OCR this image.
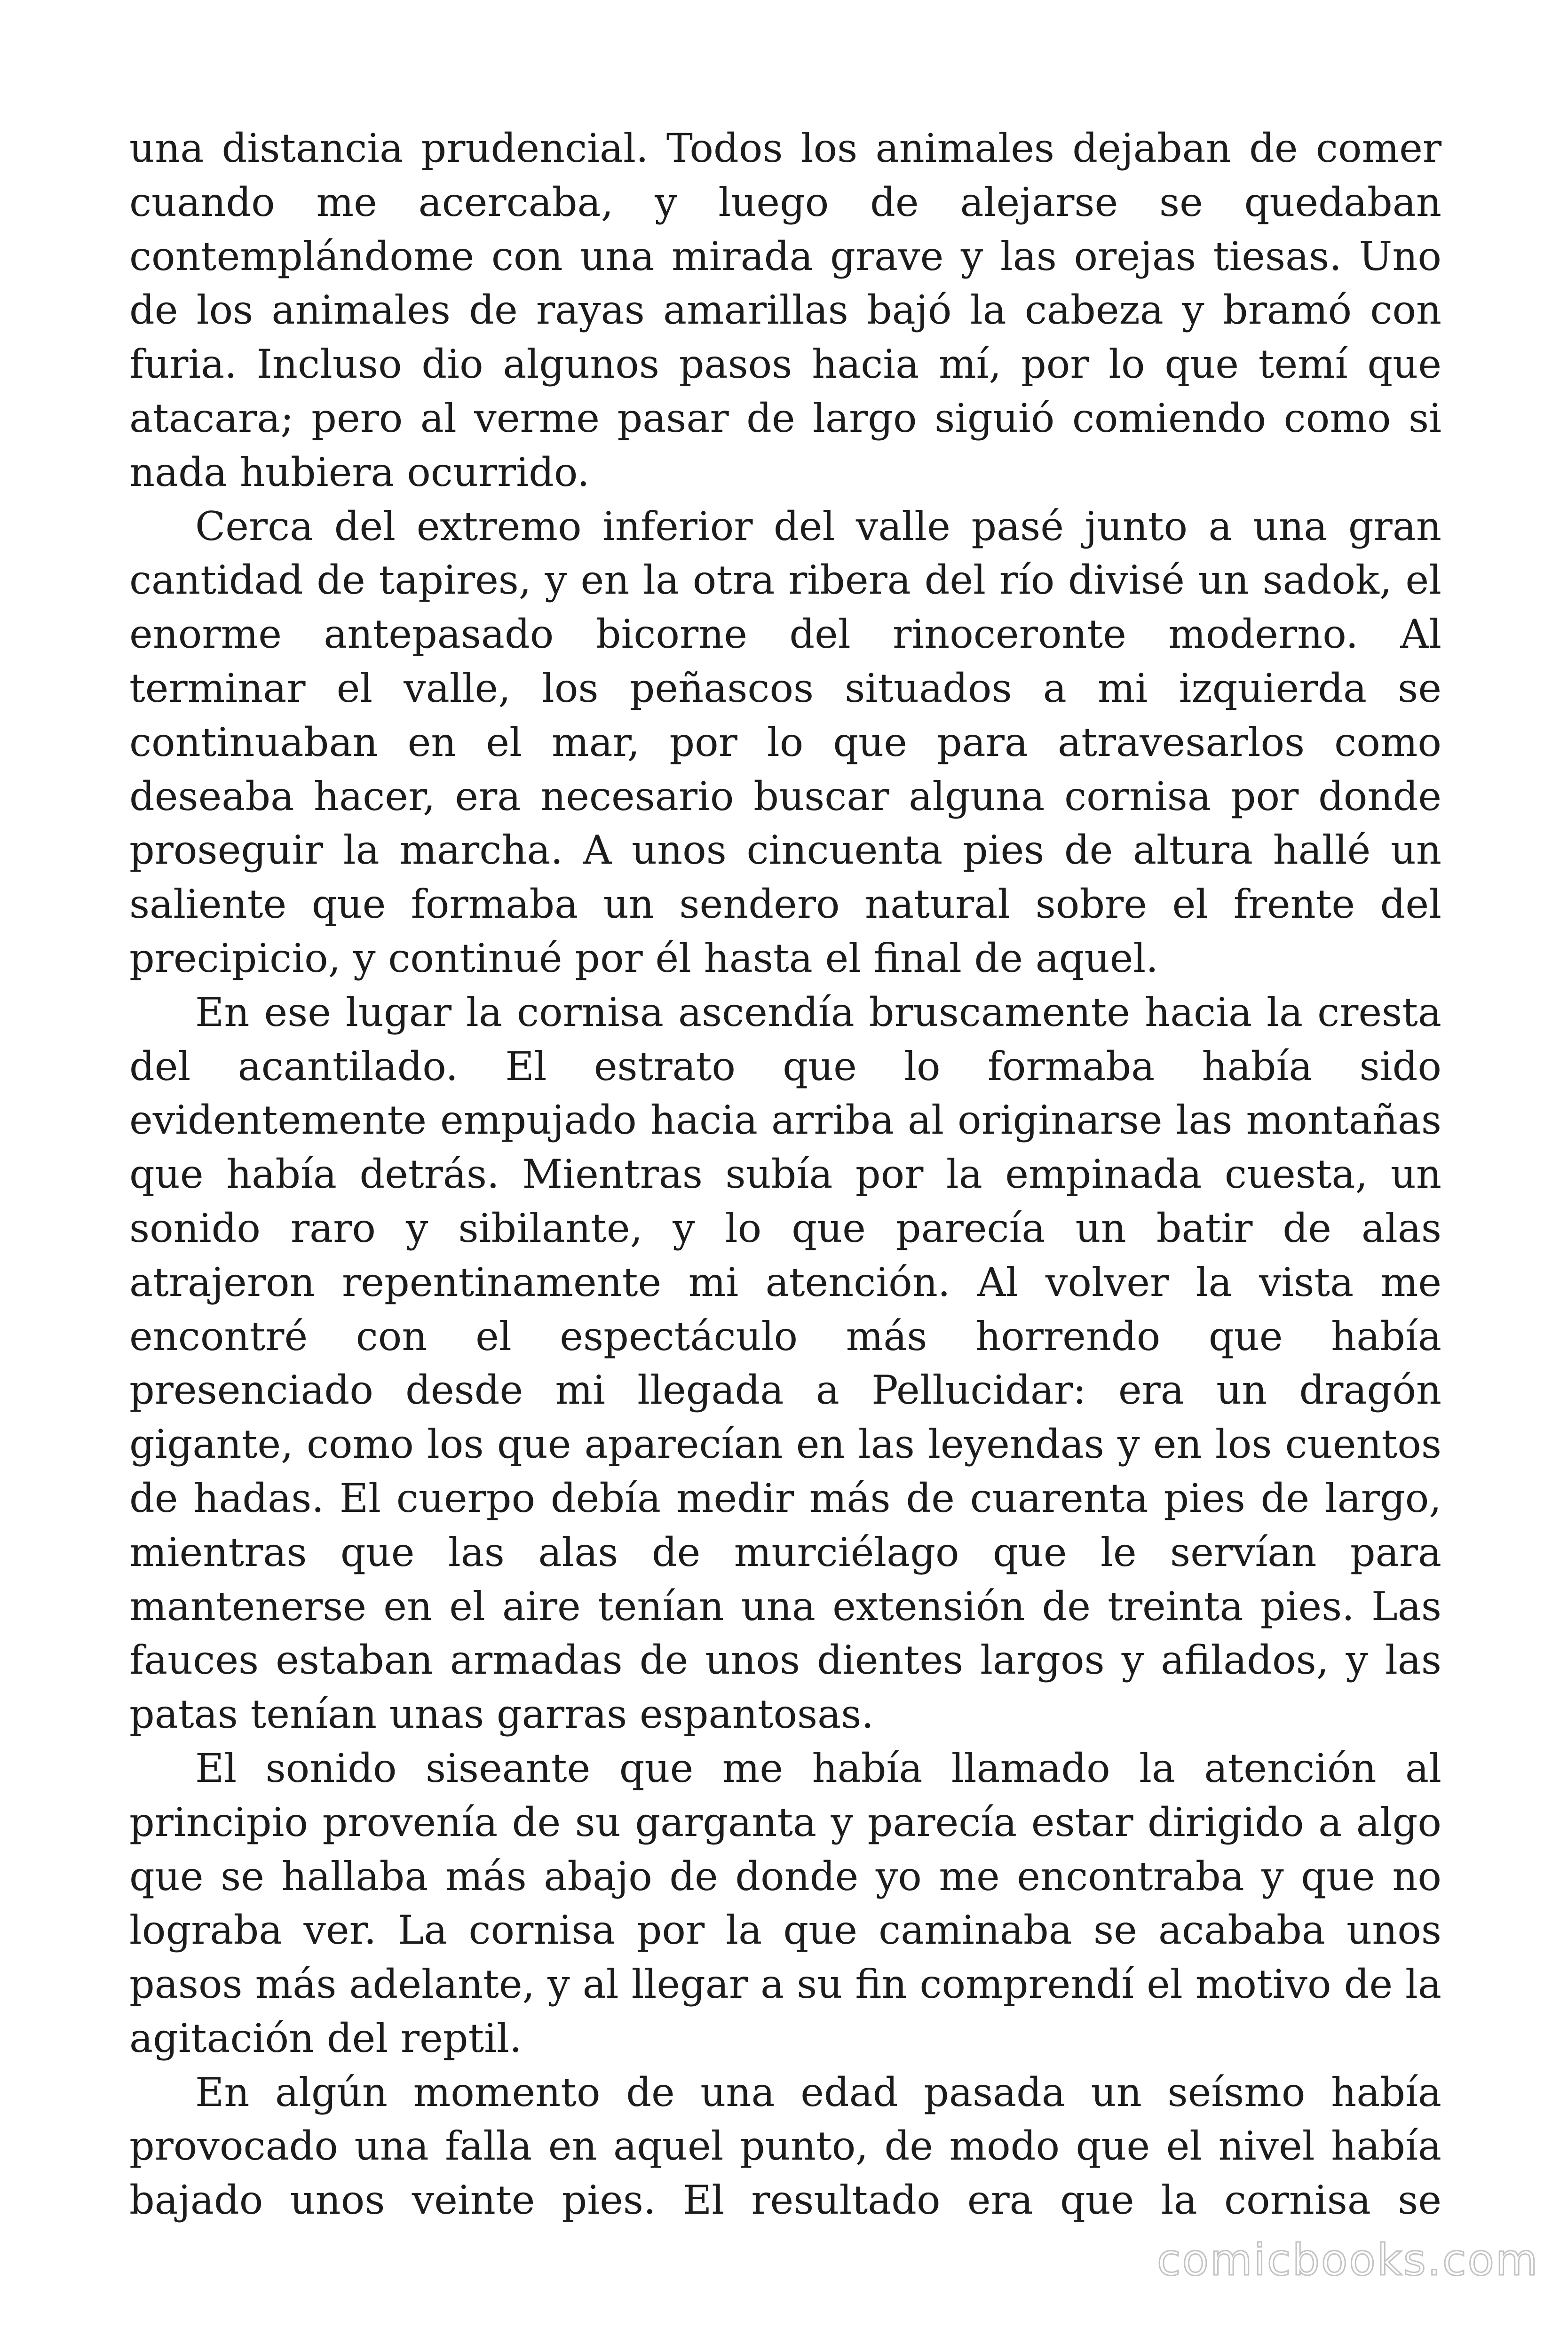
una distancia prudencial. Todos los animales dejaban de comer cuando me acercaba, y luego de alejarse se quedaban contemplándome con una mirada grave y las orejas tiesas. Uno de los animales de rayas amarillas bajó la cabeza y bramó con furia. Incluso dio algunos pasos hacia mí, por lo que temí que atacara; pero al verme pasar de largo siguió comiendo como si nada hubiera ocurrido.

Cerca del extremo inferior del valle pasé junto a una gran cantidad de tapires, y en la otra ribera del río divisé un sadok, el enorme antepasado bicorne del rinoceronte moderno. Al terminar el valle, los peñascos situados a mi izquierda se continuaban en el mar, por lo que para atravesarlos como deseaba hacer, era necesario buscar alguna cornisa por donde proseguir la marcha. A unos cincuenta pies de altura hallé un saliente que formaba un sendero natural sobre el frente del precipicio, y continué por él hasta el final de aquel.

En ese lugar la cornisa ascendía bruscamente hacia la cresta del acantilado. El estrato que lo formaba había sido evidentemente empujado hacia arriba al originarse las montañas que había detrás. Mientras subía por la empinada cuesta, un sonido raro y sibilante, y lo que parecía un batir de alas atrajeron repentinamente mi atención. Al volver la vista me encontré con el espectáculo más horrendo que había presenciado desde mi llegada a Pellucidar: era un dragón gigante, como los que aparecían en las leyendas y en los cuentos de hadas. El cuerpo debía medir más de cuarenta pies de largo, mientras que las alas de murciélago que le servían para mantenerse en el aire tenían una extensión de treinta pies. Las fauces estaban armadas de unos dientes largos y afilados, y las patas tenían unas garras espantosas.

El sonido siseante que me había llamado la atención al principio provenía de su garganta y parecía estar dirigido a algo que se hallaba más abajo de donde yo me encontraba y que no lograba ver. La cornisa por la que caminaba se acababa unos pasos más adelante, y al llegar a su fin comprendí el motivo de la agitación del reptil.

En algún momento de una edad pasada un seísmo había provocado una falla en aquel punto, de modo que el nivel había bajado unos veinte pies. El resultado era que la cornisa se

comicbooks.com
